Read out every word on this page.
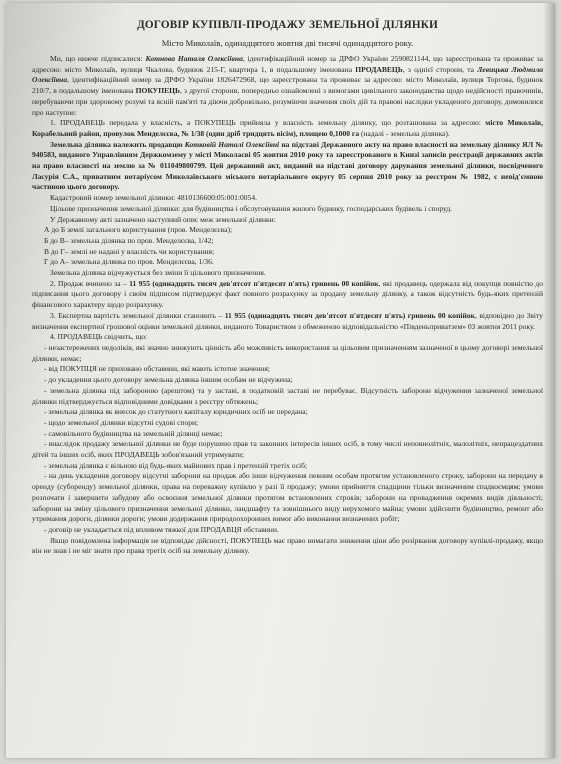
ДОГОВІР КУПІВЛІ-ПРОДАЖУ ЗЕМЕЛЬНОЇ ДІЛЯНКИ
Місто Миколаїв, одинадцятого жовтня дві тисячі одинадцятого року.

Ми, що нижче підписалися: Котнова Наталя Олексіївна, ідентифікаційний номер за ДРФО України 2590821144, що зареєстрована та проживає за адресою: місто Миколаїв, вулиця Чкалова, будинок 215-Г, квартира 1, в подальшому іменована ПРОДАВЕЦЬ, з однієї сторони, та Левицька Людмила Олексіївна, ідентифікаційний номер за ДРФО України 1826472968, що зареєстрована та проживає за адресою: місто Миколаїв, вулиця Торгова, будинок 210/7, в подальшому іменована ПОКУПЕЦЬ, з другої сторони, попередньо ознайомлені з вимогами цивільного законодавства щодо недійсності правочинів, перебуваючи при здоровому розумі та ясній пам'яті та діючи добровільно, розуміючи значення своїх дій та правові наслідки укладеного договору, домовилися про наступне:

1. ПРОДАВЕЦЬ передала у власність, а ПОКУПЕЦЬ прийняла у власність земельну ділянку, що розташована за адресою: місто Миколаїв, Корабельний район, провулок Менделєєва, № 1/38 (один дріб тридцять вісім), площею 0,1000 га (надалі - земельна ділянка).

Земельна ділянка належить продавцю Котковій Наталі Олексіївні на підставі Державного акту на право власності на земельну ділянку ЯЛ № 940583, виданого Управлінням Держкомзему у місті Миколаєві 05 жовтня 2010 року та зареєстрованого в Книзі записів реєстрації державних актів на право власності на землю за № 011049800799. Цей державний акт, виданий на підставі договору дарування земельної ділянки, посвідченого Ласурія С.А., приватним нотаріусом Миколаївського міського нотаріального округу 05 серпня 2010 року за реєстром № 1982, є невід'ємною частиною цього договору.

Кадастровий номер земельної ділянки: 4810136600:05:001:0054.

Цільове призначення земельної ділянки: для будівництва і обслуговування жилого будинку, господарських будівель і споруд.

У Державному акті зазначено наступний опис меж земельної ділянки:

А до Б землі загального користування (пров. Менделєєва);

Б до В– земельна ділянка по пров. Менделєєва, 1/42;

В до Г– землі не надані у власність чи користування;

Г до А– земельна ділянка по пров. Менделєєва, 1/36.

Земельна ділянка відчужується без зміни її цільового призначення.

2. Продаж вчинено за – 11 955 (одинадцять тисяч дев'ятсот п'ятдесят п'ять) гривень 00 копійок, які продавець одержала від покупця повністю до підписання цього договору і своїм підписом підтверджує факт повного розрахунку за продану земельну ділянку, а також відсутність будь-яких претензій фінансового характеру щодо розрахунку.

3. Експертна вартість земельної ділянки становить – 11 955 (одинадцять тисяч дев'ятсот п'ятдесят п'ять) гривень 00 копійок, відповідно до Звіту визначення експертної грошової оцінки земельної ділянки, виданого Товариством з обмеженою відповідальністю «Південьприватзем» 03 жовтня 2011 року.

4. ПРОДАВЕЦЬ свідчить, що:

- незастережених недоліків, які значно знижують цінність або можливість використання за цільовим призначенням зазначеної в цьому договорі земельної ділянки, немає;

- від ПОКУПЦЯ не приховано обставини, які мають істотне значення;

- до укладення цього договору земельна ділянка іншим особам не відчужена;

- земельна ділянка під забороною (арештом) та у заставі, в податковій заставі не перебуває. Відсутність заборони відчуження зазначеної земельної ділянки підтверджується відповідними довідками з реєстру обтяжень;

- земельна ділянка як внесок до статутного капіталу юридичних осіб не передана;

- щодо земельної ділянки відсутні судові спори;

- самовільного будівництва на земельній ділянці немає;

- внаслідок продажу земельної ділянки не буде порушено прав та законних інтересів інших осіб, в тому числі неповнолітніх, малолітніх, непрацездатних дітей та інших осіб, яких ПРОДАВЕЦЬ зобов'язаний утримувати;

- земельна ділянка є вільною від будь-яких майнових прав і претензій третіх осіб;

- на день укладення договору відсутні заборони на продаж або інше відчуження певним особам протягом установленого строку, заборони на передачу в оренду (суборенду) земельної ділянки, права на переважну купівлю у разі її продажу; умови прийняття спадщини тільки визначеним спадкоємцям; умови розпочати і завершити забудову або освоєння земельної ділянки протягом встановлених строків; заборони на провадження окремих видів діяльності; заборони на зміну цільового призначення земельної ділянки, ландшафту та зовнішнього виду нерухомого майна; умови здійснити будівництво, ремонт або утримання дороги, ділянки дороги; умови додержання природоохоронних вимог або виконання визначених робіт;

- договір не укладається під впливом тяжкої для ПРОДАВЦЯ обставини.

Якщо повідомлена інформація не відповідає дійсності, ПОКУПЕЦЬ має право вимагати зниження ціни або розірвання договору купівлі-продажу, якщо він не знав і не міг знати про права третіх осіб на земельну ділянку.
